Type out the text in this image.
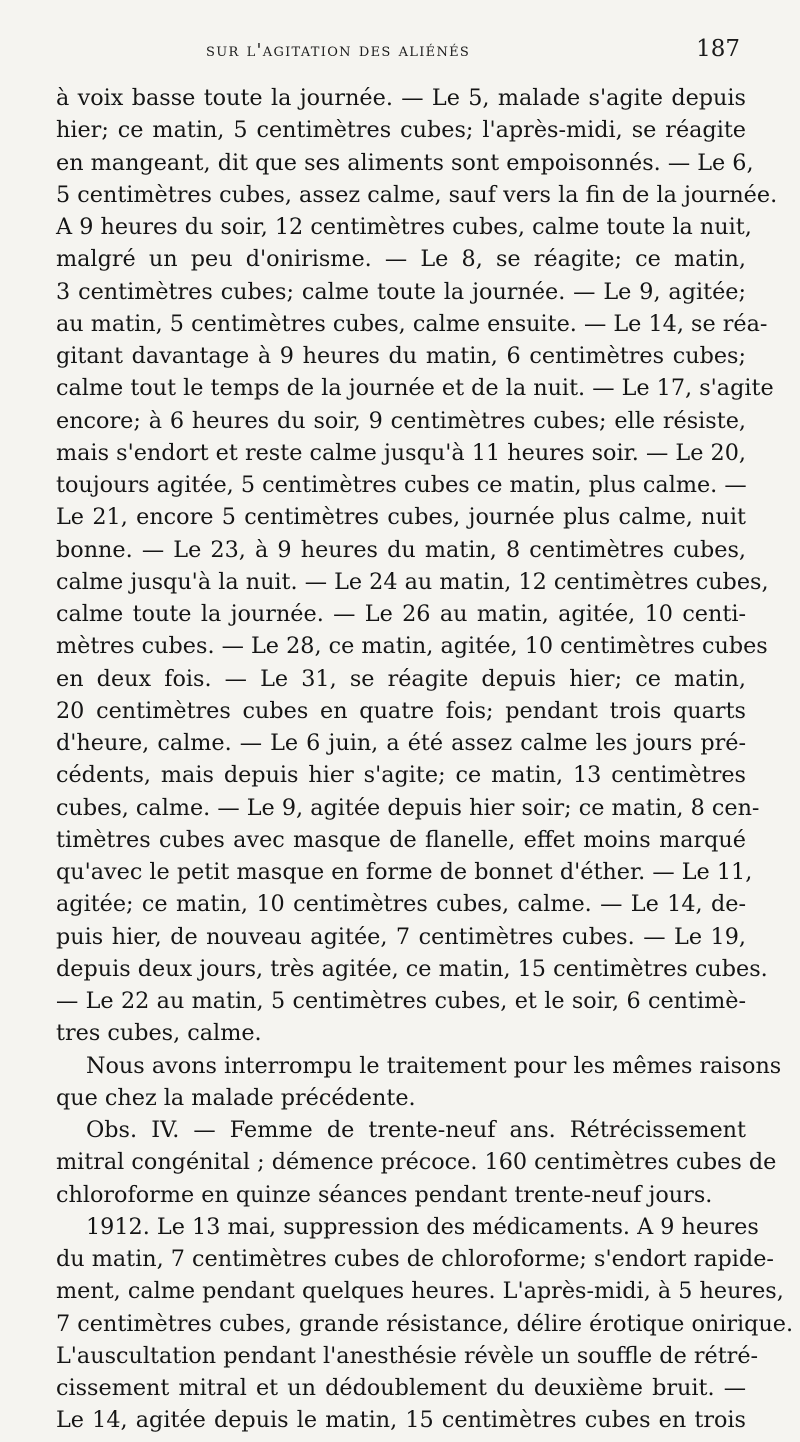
sur l'agitation des aliénés	187
à voix basse toute la journée. — Le 5, malade s'agite depuis
hier; ce matin, 5 centimètres cubes; l'après-midi, se réagite
en mangeant, dit que ses aliments sont empoisonnés. — Le 6,
5 centimètres cubes, assez calme, sauf vers la fin de la journée.
A 9 heures du soir, 12 centimètres cubes, calme toute la nuit,
malgré un peu d'onirisme. — Le 8, se réagite; ce matin,
3 centimètres cubes; calme toute la journée. — Le 9, agitée;
au matin, 5 centimètres cubes, calme ensuite. — Le 14, se réa-
gitant davantage à 9 heures du matin, 6 centimètres cubes;
calme tout le temps de la journée et de la nuit. — Le 17, s'agite
encore; à 6 heures du soir, 9 centimètres cubes; elle résiste,
mais s'endort et reste calme jusqu'à 11 heures soir. — Le 20,
toujours agitée, 5 centimètres cubes ce matin, plus calme. —
Le 21, encore 5 centimètres cubes, journée plus calme, nuit
bonne. — Le 23, à 9 heures du matin, 8 centimètres cubes,
calme jusqu'à la nuit. — Le 24 au matin, 12 centimètres cubes,
calme toute la journée. — Le 26 au matin, agitée, 10 centi-
mètres cubes. — Le 28, ce matin, agitée, 10 centimètres cubes
en deux fois. — Le 31, se réagite depuis hier; ce matin,
20 centimètres cubes en quatre fois; pendant trois quarts
d'heure, calme. — Le 6 juin, a été assez calme les jours pré-
cédents, mais depuis hier s'agite; ce matin, 13 centimètres
cubes, calme. — Le 9, agitée depuis hier soir; ce matin, 8 cen-
timètres cubes avec masque de flanelle, effet moins marqué
qu'avec le petit masque en forme de bonnet d'éther. — Le 11,
agitée; ce matin, 10 centimètres cubes, calme. — Le 14, de-
puis hier, de nouveau agitée, 7 centimètres cubes. — Le 19,
depuis deux jours, très agitée, ce matin, 15 centimètres cubes.
— Le 22 au matin, 5 centimètres cubes, et le soir, 6 centimè-
tres cubes, calme.
Nous avons interrompu le traitement pour les mêmes raisons
que chez la malade précédente.
Obs. IV. — Femme de trente-neuf ans. Rétrécissement
mitral congénital ; démence précoce. 160 centimètres cubes de
chloroforme en quinze séances pendant trente-neuf jours.
1912. Le 13 mai, suppression des médicaments. A 9 heures
du matin, 7 centimètres cubes de chloroforme; s'endort rapide-
ment, calme pendant quelques heures. L'après-midi, à 5 heures,
7 centimètres cubes, grande résistance, délire érotique onirique.
L'auscultation pendant l'anesthésie révèle un souffle de rétré-
cissement mitral et un dédoublement du deuxième bruit. —
Le 14, agitée depuis le matin, 15 centimètres cubes en trois
